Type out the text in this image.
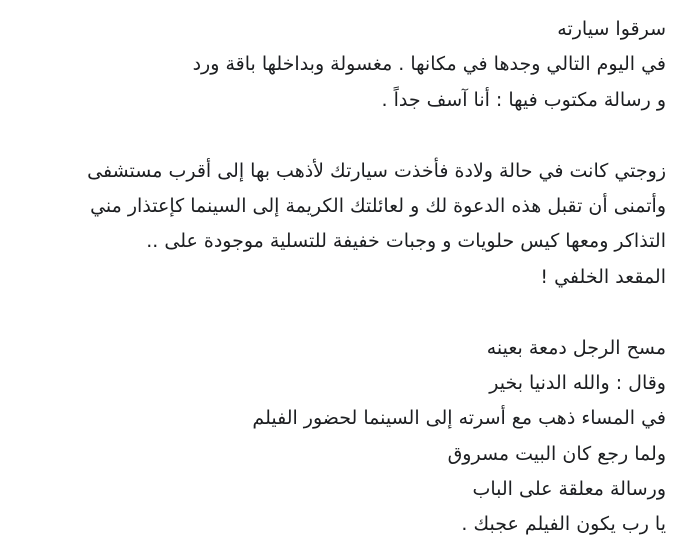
سرقوا سيارته
في اليوم التالي وجدها في مكانها . مغسولة وبداخلها باقة ورد
و رسالة مكتوب فيها : أنا آسف جداً .
زوجتي كانت في حالة ولادة فأخذت سيارتك لأذهب بها إلى أقرب مستشفى
وأتمنى أن تقبل هذه الدعوة لك و لعائلتك الكريمة إلى السينما كإعتذار مني
التذاكر ومعها كيس حلويات و وجبات خفيفة للتسلية موجودة على ..
المقعد الخلفي !
مسح الرجل دمعة بعينه
وقال : والله الدنيا بخير
في المساء ذهب مع أسرته إلى السينما لحضور الفيلم
ولما رجع كان البيت مسروق
ورسالة معلقة على الباب
يا رب يكون الفيلم عجبك .
